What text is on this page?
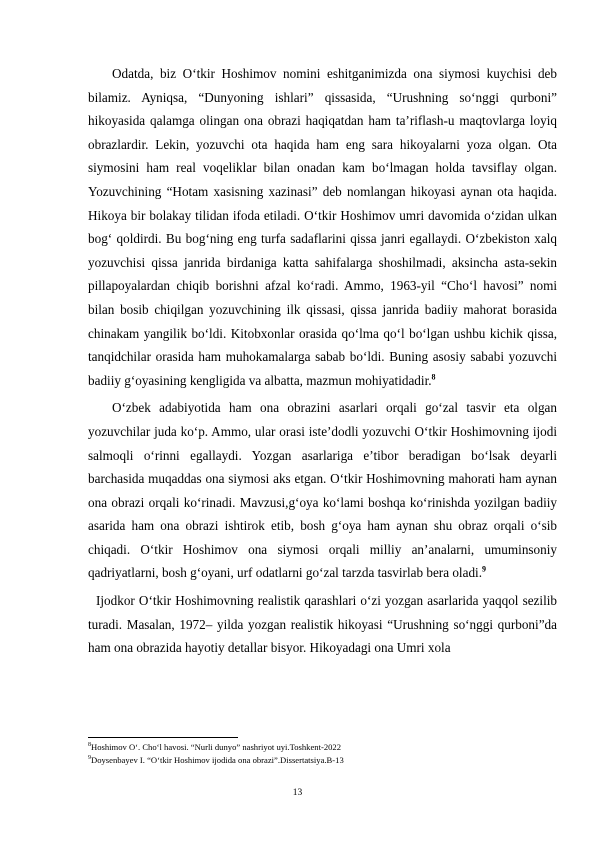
Odatda, biz O‘tkir Hoshimov nomini eshitganimizda ona siymosi kuychisi deb bilamiz. Ayniqsa, “Dunyoning ishlari” qissasida, “Urushning so‘nggi qurboni” hikoyasida qalamga olingan ona obrazi haqiqatdan ham ta’riflash-u maqtovlarga loyiq obrazlardir. Lekin, yozuvchi ota haqida ham eng sara hikoyalarni yoza olgan. Ota siymosini ham real voqeliklar bilan onadan kam bo‘lmagan holda tavsiflay olgan. Yozuvchining “Hotam xasisning xazinasi” deb nomlangan hikoyasi aynan ota haqida. Hikoya bir bolakay tilidan ifoda etiladi. O‘tkir Hoshimov umri davomida o‘zidan ulkan bog‘ qoldirdi. Bu bog‘ning eng turfa sadaflarini qissa janri egallaydi. O‘zbekiston xalq yozuvchisi qissa janrida birdaniga katta sahifalarga shoshilmadi, aksincha asta-sekin pillapoyalardan chiqib borishni afzal ko‘radi. Ammo, 1963-yil “Cho‘l havosi” nomi bilan bosib chiqilgan yozuvchining ilk qissasi, qissa janrida badiiy mahorat borasida chinakam yangilik bo‘ldi. Kitobxonlar orasida qo‘lma qo‘l bo‘lgan ushbu kichik qissa, tanqidchilar orasida ham muhokamalarga sabab bo‘ldi. Buning asosiy sababi yozuvchi badiiy g‘oyasining kengligida va albatta, mazmun mohiyatidadir.$^8$

O‘zbek adabiyotida ham ona obrazini asarlari orqali go‘zal tasvir eta olgan yozuvchilar juda ko‘p. Ammo, ular orasi iste’dodli yozuvchi O‘tkir Hoshimovning ijodi salmoqli o‘rinni egallaydi. Yozgan asarlariga e’tibor beradigan bo‘lsak deyarli barchasida muqaddas ona siymosi aks etgan. O‘tkir Hoshimovning mahorati ham aynan ona obrazi orqali ko‘rinadi. Mavzusi,g‘oya ko‘lami boshqa ko‘rinishda yozilgan badiiy asarida ham ona obrazi ishtirok etib, bosh g‘oya ham aynan shu obraz orqali o‘sib chiqadi. O‘tkir Hoshimov ona siymosi orqali milliy an’analarni, umuminsoniy qadriyatlarni, bosh g‘oyani, urf odatlarni go‘zal tarzda tasvirlab bera oladi.$^9$

Ijodkor O‘tkir Hoshimovning realistik qarashlari o‘zi yozgan asarlarida yaqqol sezilib turadi. Masalan, 1972– yilda yozgan realistik hikoyasi “Urushning so‘nggi qurboni”da ham ona obrazida hayotiy detallar bisyor. Hikoyadagi ona Umri xola

$^8$Hoshimov O‘. Cho‘l havosi. “Nurli dunyo” nashriyot uyi.Toshkent-2022

$^9$Doysenbayev I. “O‘tkir Hoshimov ijodida ona obrazi”.Dissertatsiya.B-13

13
